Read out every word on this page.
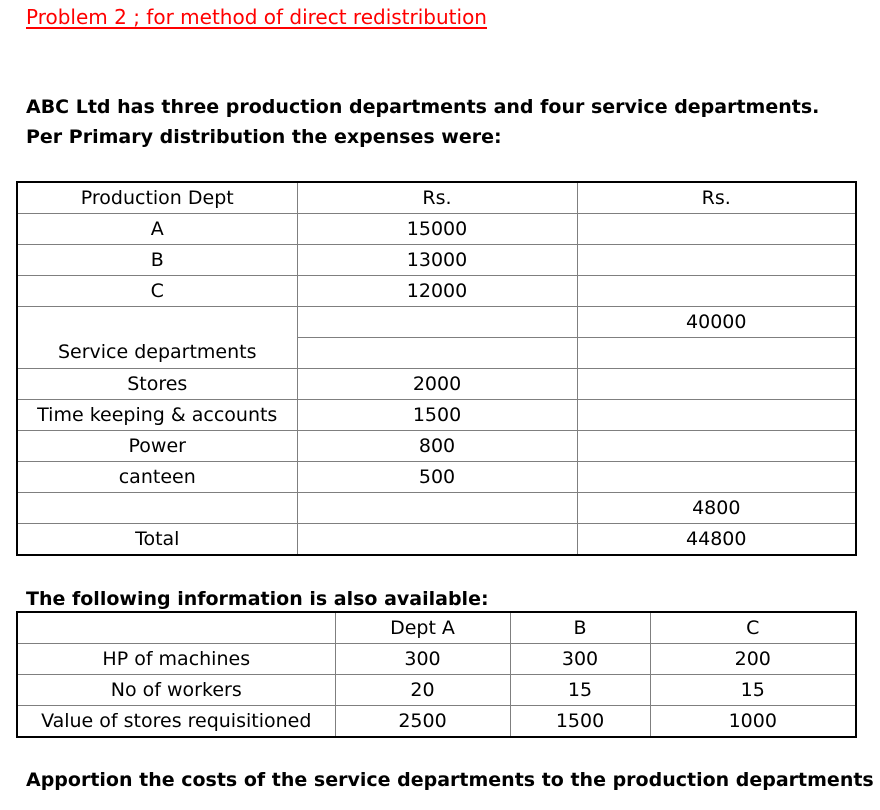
Problem 2 ; for method of direct redistribution
ABC Ltd has three production departments and four service departments. Per Primary distribution the expenses were:
Production Dept	Rs.	Rs.
A	15000	
B	13000	
C	12000	
		40000
Service departments		
Stores	2000	
Time keeping & accounts	1500	
Power	800	
canteen	500	
		4800
Total		44800
The following information is also available:
	Dept A	B	C
HP of machines	300	300	200
No of workers	20	15	15
Value of stores requisitioned	2500	1500	1000
Apportion the costs of the service departments to the production departments
